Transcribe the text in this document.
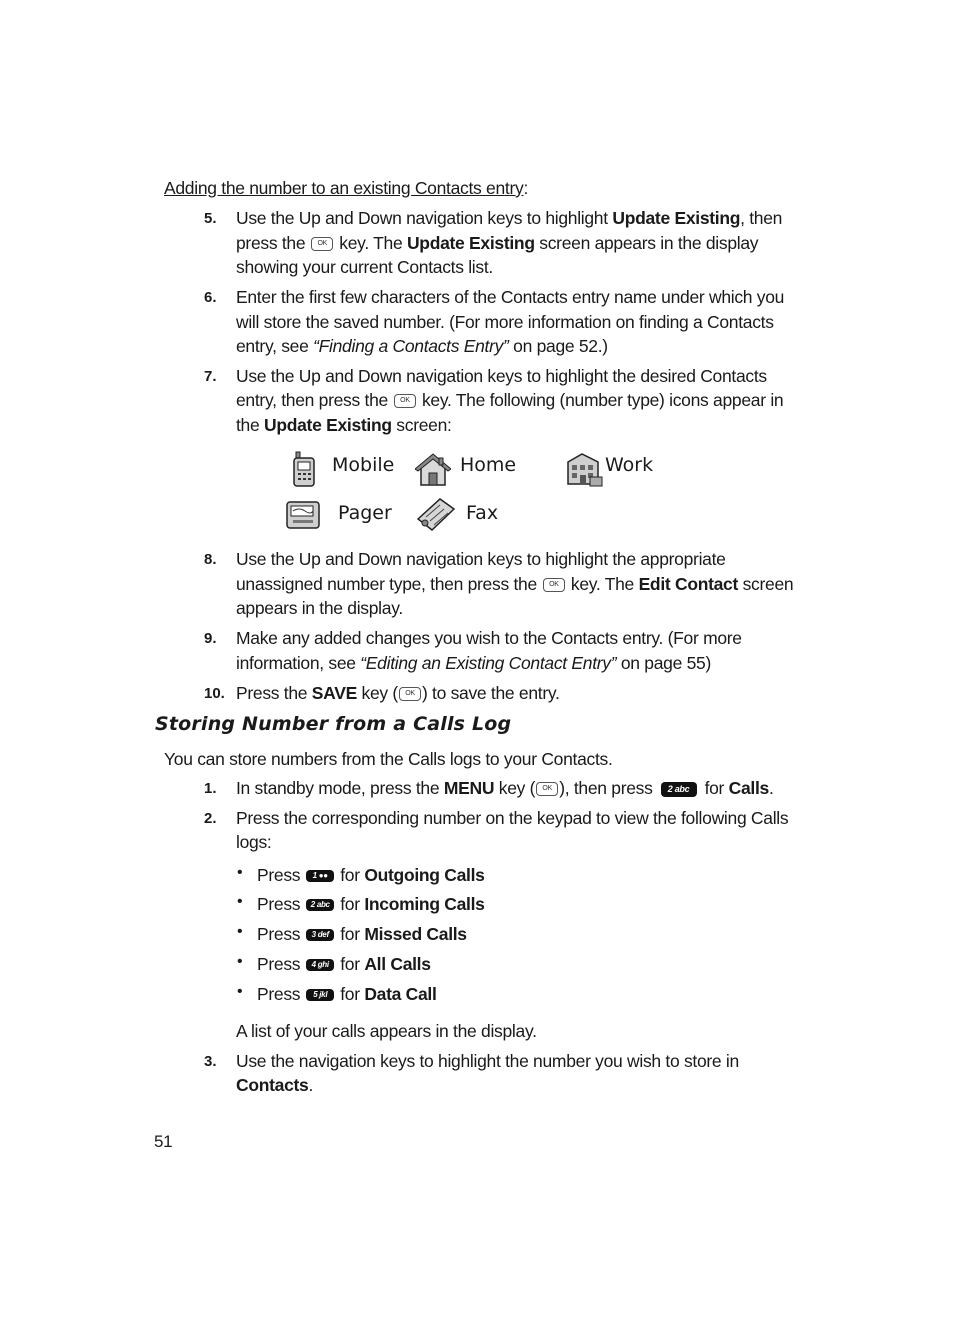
Adding the number to an existing Contacts entry:
5. Use the Up and Down navigation keys to highlight Update Existing, then
press the OK key. The Update Existing screen appears in the display
showing your current Contacts list.
6. Enter the first few characters of the Contacts entry name under which you
will store the saved number. (For more information on finding a Contacts
entry, see “Finding a Contacts Entry” on page 52.)
7. Use the Up and Down navigation keys to highlight the desired Contacts
entry, then press the OK key. The following (number type) icons appear in
the Update Existing screen:
Mobile	Home	Work
Pager	Fax
8. Use the Up and Down navigation keys to highlight the appropriate
unassigned number type, then press the OK key. The Edit Contact screen
appears in the display.
9. Make any added changes you wish to the Contacts entry. (For more
information, see “Editing an Existing Contact Entry” on page 55)
10. Press the SAVE key ( OK ) to save the entry.
Storing Number from a Calls Log
You can store numbers from the Calls logs to your Contacts.
1. In standby mode, press the MENU key ( OK ), then press 2 abc for Calls.
2. Press the corresponding number on the keypad to view the following Calls
logs:
• Press 1 ●● for Outgoing Calls
• Press 2 abc for Incoming Calls
• Press 3 def for Missed Calls
• Press 4 ghi for All Calls
• Press 5 jkl for Data Call
A list of your calls appears in the display.
3. Use the navigation keys to highlight the number you wish to store in
Contacts.
51
